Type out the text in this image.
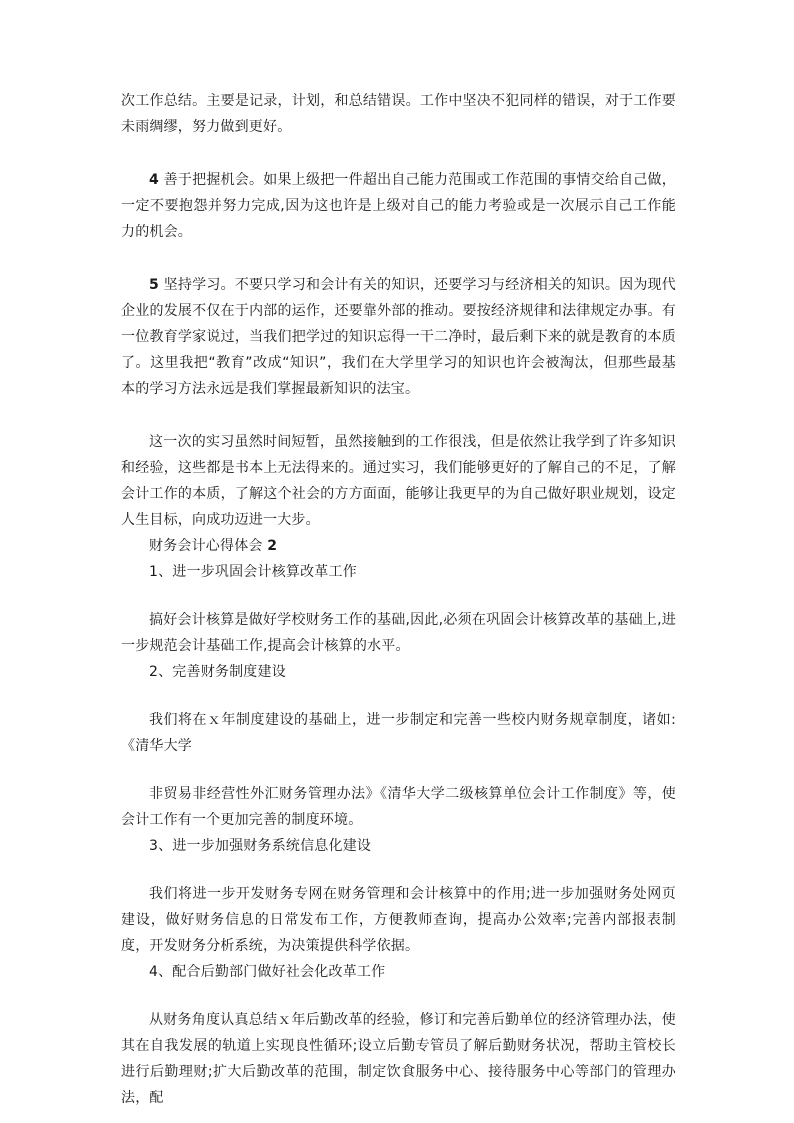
次工作总结。主要是记录，计划，和总结错误。工作中坚决不犯同样的错误，对于工作要未雨绸缪，努力做到更好。

4 善于把握机会。如果上级把一件超出自己能力范围或工作范围的事情交给自己做，一定不要抱怨并努力完成,因为这也许是上级对自己的能力考验或是一次展示自己工作能力的机会。

5 坚持学习。不要只学习和会计有关的知识，还要学习与经济相关的知识。因为现代企业的发展不仅在于内部的运作，还要靠外部的推动。要按经济规律和法律规定办事。有一位教育学家说过，当我们把学过的知识忘得一干二净时，最后剩下来的就是教育的本质了。这里我把“教育”改成“知识”，我们在大学里学习的知识也许会被淘汰，但那些最基本的学习方法永远是我们掌握最新知识的法宝。

这一次的实习虽然时间短暂，虽然接触到的工作很浅，但是依然让我学到了许多知识和经验，这些都是书本上无法得来的。通过实习，我们能够更好的了解自己的不足，了解会计工作的本质，了解这个社会的方方面面，能够让我更早的为自己做好职业规划，设定人生目标，向成功迈进一大步。

财务会计心得体会 2

1、进一步巩固会计核算改革工作

搞好会计核算是做好学校财务工作的基础,因此,必须在巩固会计核算改革的基础上,进一步规范会计基础工作,提高会计核算的水平。

2、完善财务制度建设

我们将在ｘ年制度建设的基础上，进一步制定和完善一些校内财务规章制度，诸如:《清华大学

非贸易非经营性外汇财务管理办法》《清华大学二级核算单位会计工作制度》等，使会计工作有一个更加完善的制度环境。

3、进一步加强财务系统信息化建设

我们将进一步开发财务专网在财务管理和会计核算中的作用;进一步加强财务处网页建设，做好财务信息的日常发布工作，方便教师查询，提高办公效率;完善内部报表制度，开发财务分析系统，为决策提供科学依据。

4、配合后勤部门做好社会化改革工作

从财务角度认真总结ｘ年后勤改革的经验，修订和完善后勤单位的经济管理办法，使其在自我发展的轨道上实现良性循环;设立后勤专管员了解后勤财务状况，帮助主管校长进行后勤理财;扩大后勤改革的范围，制定饮食服务中心、接待服务中心等部门的管理办法，配
